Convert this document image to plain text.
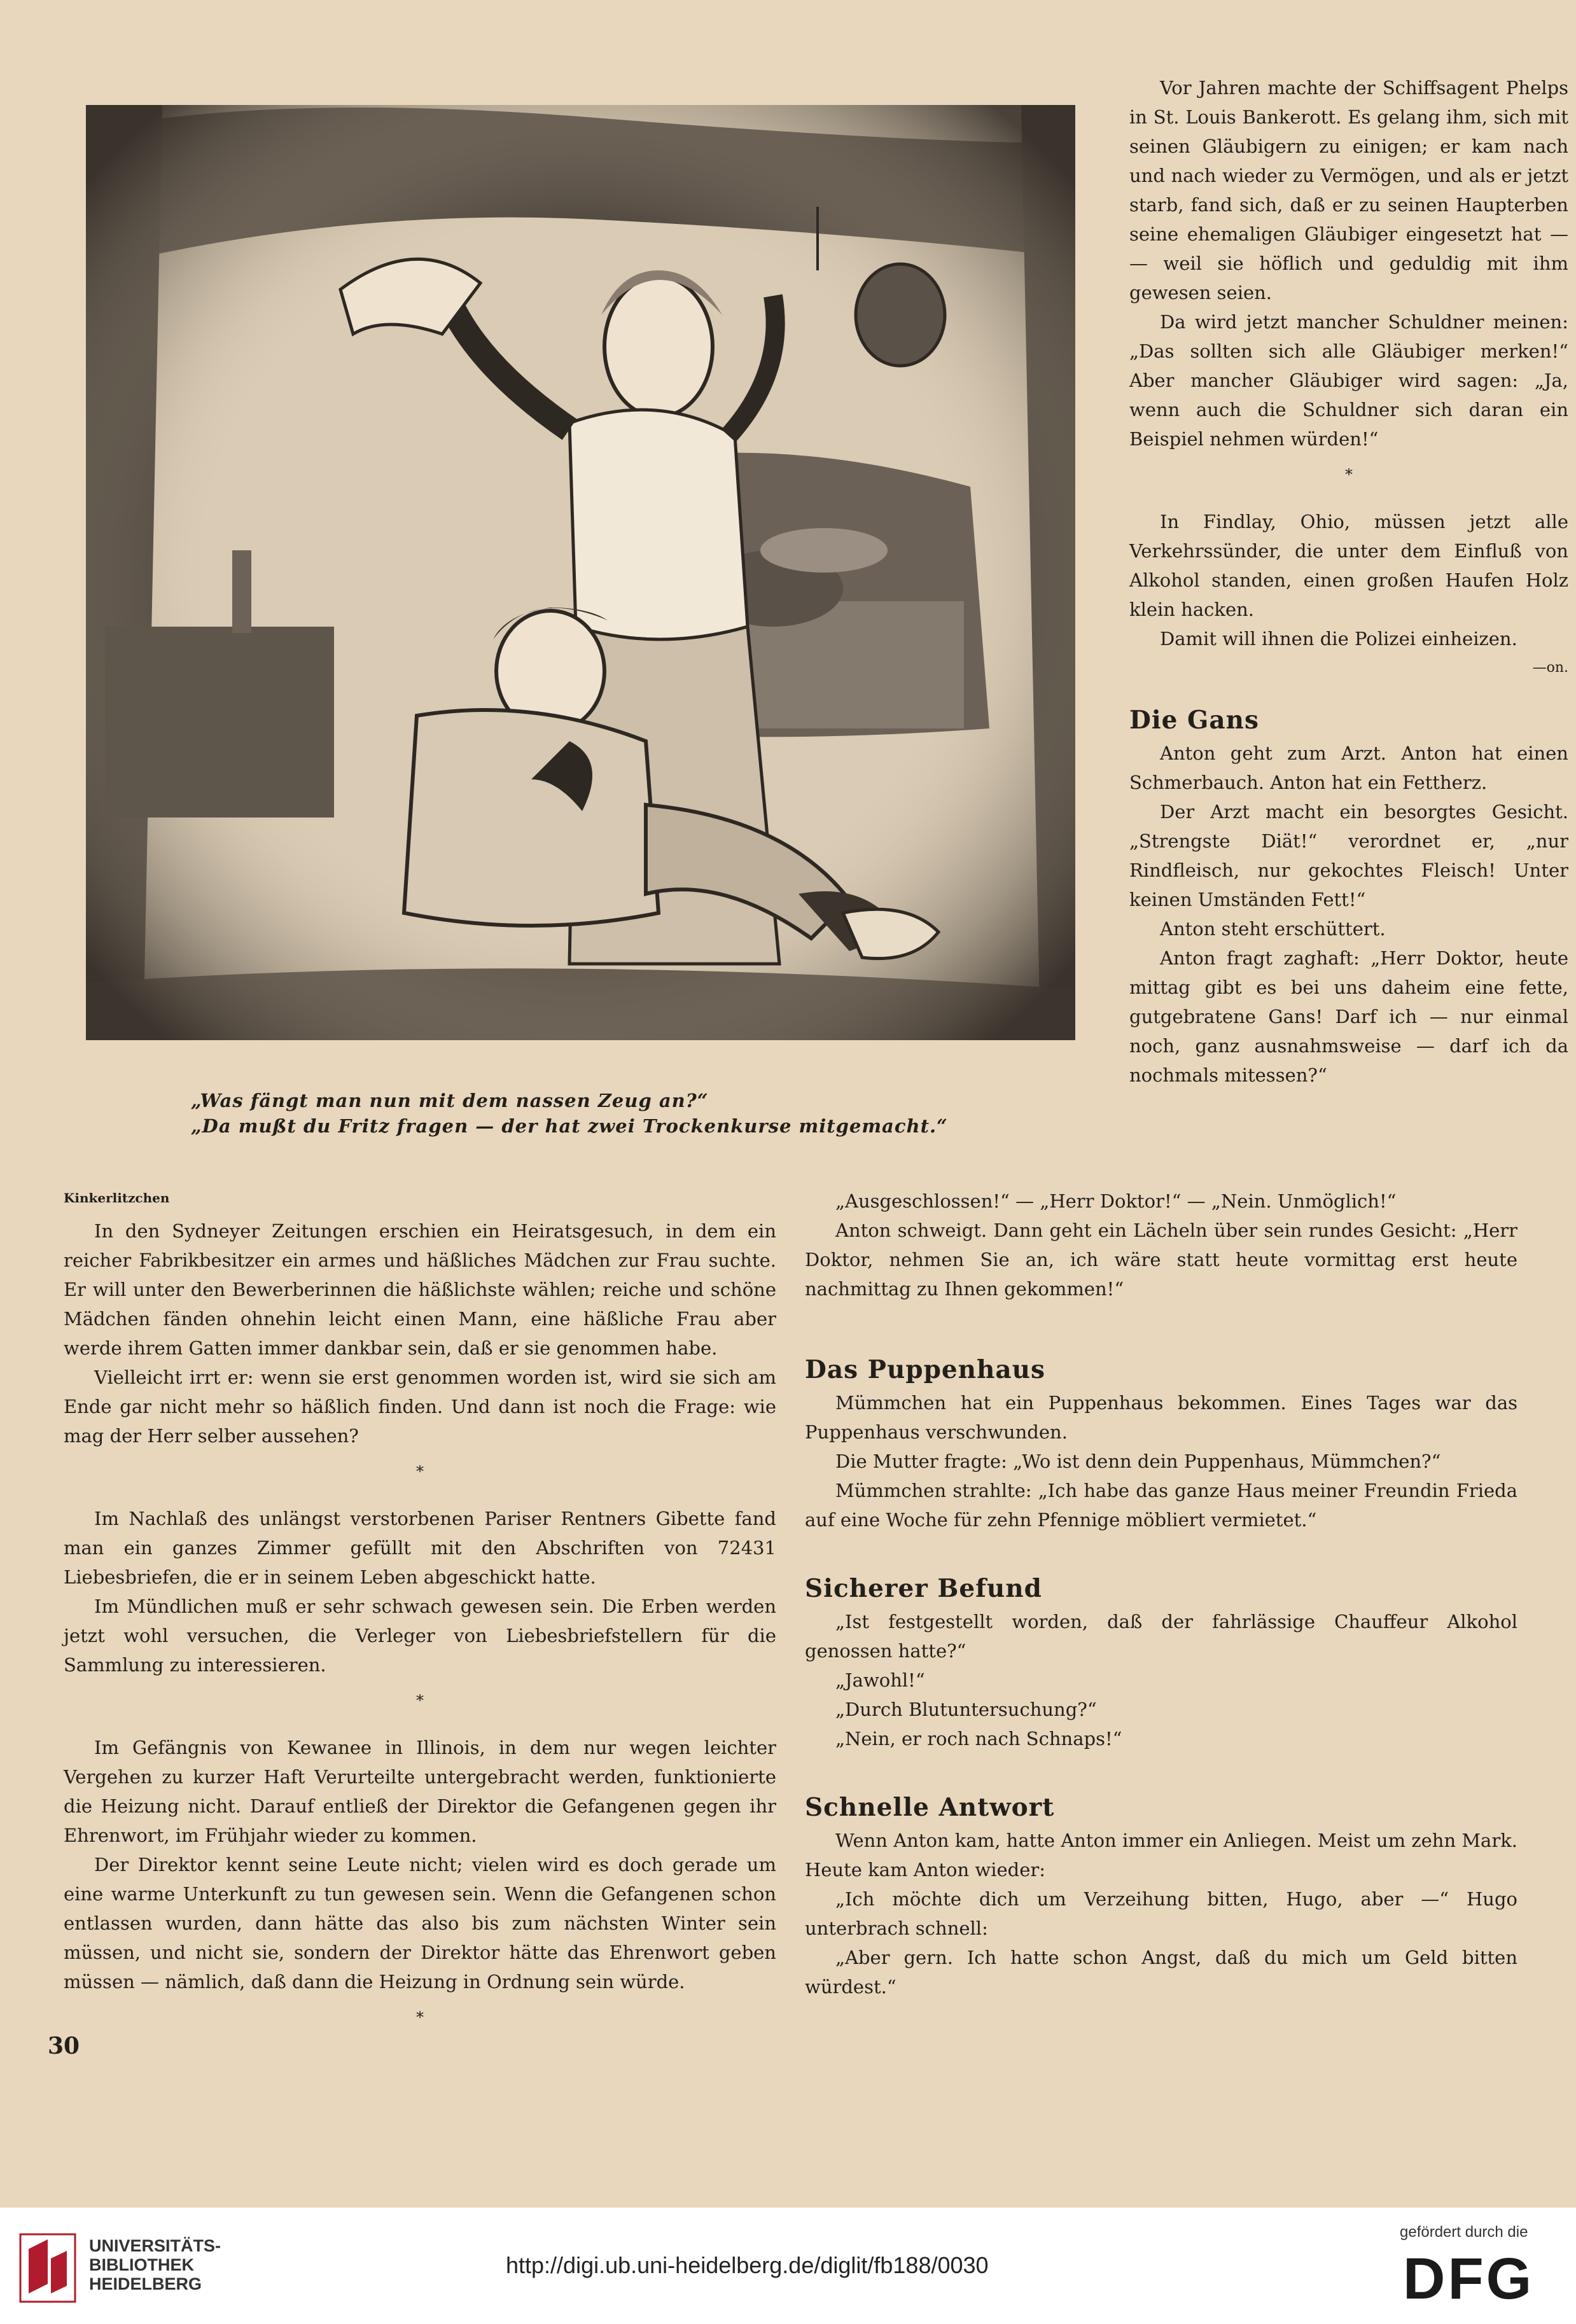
„Was fängt man nun mit dem nassen Zeug an?“
„Da mußt du Fritz fragen — der hat zwei Trockenkurse mitgemacht.“

Vor Jahren machte der Schiffsagent Phelps in St. Louis Bankerott. Es gelang ihm, sich mit seinen Gläubigern zu einigen; er kam nach und nach wieder zu Vermögen, und als er jetzt starb, fand sich, daß er zu seinen Haupterben seine ehemaligen Gläubiger eingesetzt hat — — weil sie höflich und geduldig mit ihm gewesen seien.

Da wird jetzt mancher Schuldner meinen: „Das sollten sich alle Gläubiger merken!“ Aber mancher Gläubiger wird sagen: „Ja, wenn auch die Schuldner sich daran ein Beispiel nehmen würden!“

*

In Findlay, Ohio, müssen jetzt alle Verkehrssünder, die unter dem Einfluß von Alkohol standen, einen großen Haufen Holz klein hacken.

Damit will ihnen die Polizei einheizen.

—on.
Die Gans

Anton geht zum Arzt. Anton hat einen Schmerbauch. Anton hat ein Fettherz.

Der Arzt macht ein besorgtes Gesicht. „Strengste Diät!“ verordnet er, „nur Rindfleisch, nur gekochtes Fleisch! Unter keinen Umständen Fett!“

Anton steht erschüttert.

Anton fragt zaghaft: „Herr Doktor, heute mittag gibt es bei uns daheim eine fette, gutgebratene Gans! Darf ich — nur einmal noch, ganz ausnahmsweise — darf ich da nochmals mitessen?“

„Ausgeschlossen!“ — „Herr Doktor!“ — „Nein. Unmöglich!“

Anton schweigt. Dann geht ein Lächeln über sein rundes Gesicht: „Herr Doktor, nehmen Sie an, ich wäre statt heute vormittag erst heute nachmittag zu Ihnen gekommen!“

Das Puppenhaus

Mümmchen hat ein Puppenhaus bekommen. Eines Tages war das Puppenhaus verschwunden.

Die Mutter fragte: „Wo ist denn dein Puppenhaus, Mümmchen?“

Mümmchen strahlte: „Ich habe das ganze Haus meiner Freundin Frieda auf eine Woche für zehn Pfennige möbliert vermietet.“

Sicherer Befund

„Ist festgestellt worden, daß der fahrlässige Chauffeur Alkohol genossen hatte?“

„Jawohl!“

„Durch Blutuntersuchung?“

„Nein, er roch nach Schnaps!“

Schnelle Antwort

Wenn Anton kam, hatte Anton immer ein Anliegen. Meist um zehn Mark. Heute kam Anton wieder:

„Ich möchte dich um Verzeihung bitten, Hugo, aber —“ Hugo unterbrach schnell:

„Aber gern. Ich hatte schon Angst, daß du mich um Geld bitten würdest.“

Kinkerlitzchen

In den Sydneyer Zeitungen erschien ein Heiratsgesuch, in dem ein reicher Fabrikbesitzer ein armes und häßliches Mädchen zur Frau suchte. Er will unter den Bewerberinnen die häßlichste wählen; reiche und schöne Mädchen fänden ohnehin leicht einen Mann, eine häßliche Frau aber werde ihrem Gatten immer dankbar sein, daß er sie genommen habe.

Vielleicht irrt er: wenn sie erst genommen worden ist, wird sie sich am Ende gar nicht mehr so häßlich finden. Und dann ist noch die Frage: wie mag der Herr selber aussehen?

*

Im Nachlaß des unlängst verstorbenen Pariser Rentners Gibette fand man ein ganzes Zimmer gefüllt mit den Abschriften von 72431 Liebesbriefen, die er in seinem Leben abgeschickt hatte.

Im Mündlichen muß er sehr schwach gewesen sein. Die Erben werden jetzt wohl versuchen, die Verleger von Liebesbriefstellern für die Sammlung zu interessieren.

*

Im Gefängnis von Kewanee in Illinois, in dem nur wegen leichter Vergehen zu kurzer Haft Verurteilte untergebracht werden, funktionierte die Heizung nicht. Darauf entließ der Direktor die Gefangenen gegen ihr Ehrenwort, im Frühjahr wieder zu kommen.

Der Direktor kennt seine Leute nicht; vielen wird es doch gerade um eine warme Unterkunft zu tun gewesen sein. Wenn die Gefangenen schon entlassen wurden, dann hätte das also bis zum nächsten Winter sein müssen, und nicht sie, sondern der Direktor hätte das Ehrenwort geben müssen — nämlich, daß dann die Heizung in Ordnung sein würde.

*
30
UNIVERSITÄTS-
BIBLIOTHEK
HEIDELBERG
http://digi.ub.uni-heidelberg.de/diglit/fb188/0030
gefördert durch die
DFG
